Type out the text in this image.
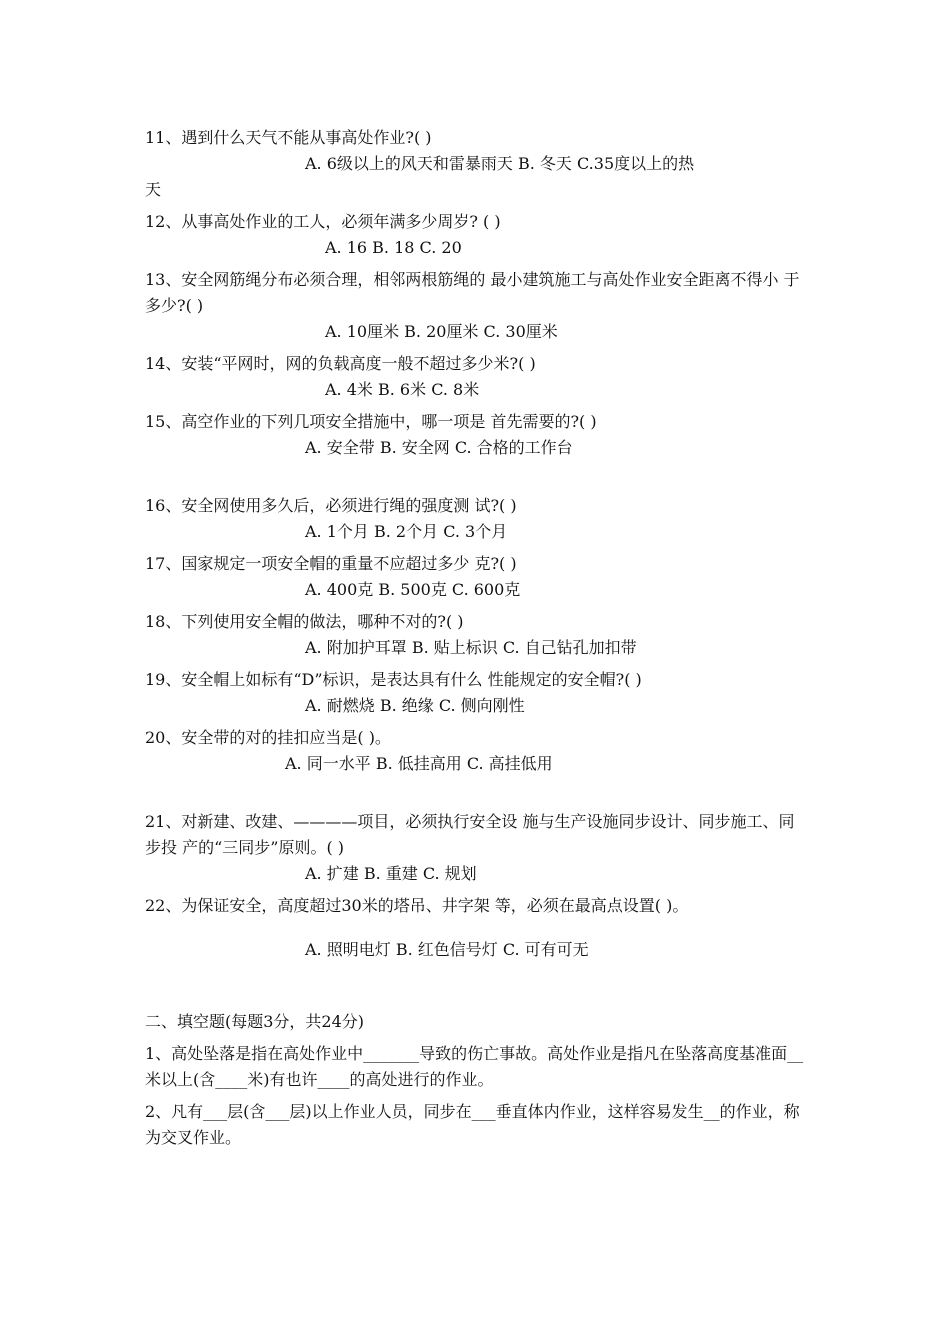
11、遇到什么天气不能从事高处作业?( )
A. 6级以上的风天和雷暴雨天 B. 冬天 C.35度以上的热
天
12、从事高处作业的工人，必须年满多少周岁? ( )
A. 16 B. 18 C. 20
13、安全网筋绳分布必须合理，相邻两根筋绳的 最小建筑施工与高处作业安全距离不得小 于多少?( )
A. 10厘米 B. 20厘米 C. 30厘米
14、安装“平网时，网的负载高度一般不超过多少米?( )
A. 4米 B. 6米 C. 8米
15、高空作业的下列几项安全措施中，哪一项是 首先需要的?( )
A. 安全带 B. 安全网 C. 合格的工作台
16、安全网使用多久后，必须进行绳的强度测 试?( )
A. 1个月 B. 2个月 C. 3个月
17、国家规定一项安全帽的重量不应超过多少 克?( )
A. 400克 B. 500克 C. 600克
18、下列使用安全帽的做法，哪种不对的?( )
A. 附加护耳罩 B. 贴上标识 C. 自己钻孔加扣带
19、安全帽上如标有“D”标识，是表达具有什么 性能规定的安全帽?( )
A. 耐燃烧 B. 绝缘 C. 侧向刚性
20、安全带的对的挂扣应当是( )。
A. 同一水平 B. 低挂高用 C. 高挂低用
21、对新建、改建、————项目，必须执行安全设 施与生产设施同步设计、同步施工、同步投 产的“三同步”原则。( )
A. 扩建 B. 重建 C. 规划
22、为保证安全，高度超过30米的塔吊、井字架 等，必须在最高点设置( )。
A. 照明电灯 B. 红色信号灯 C. 可有可无
二、填空题(每题3分，共24分)
1、高处坠落是指在高处作业中_______导致的伤亡事故。高处作业是指凡在坠落高度基准面__米以上(含____米)有也许____的高处进行的作业。
2、凡有___层(含___层)以上作业人员，同步在___垂直体内作业，这样容易发生__的作业，称为交叉作业。
